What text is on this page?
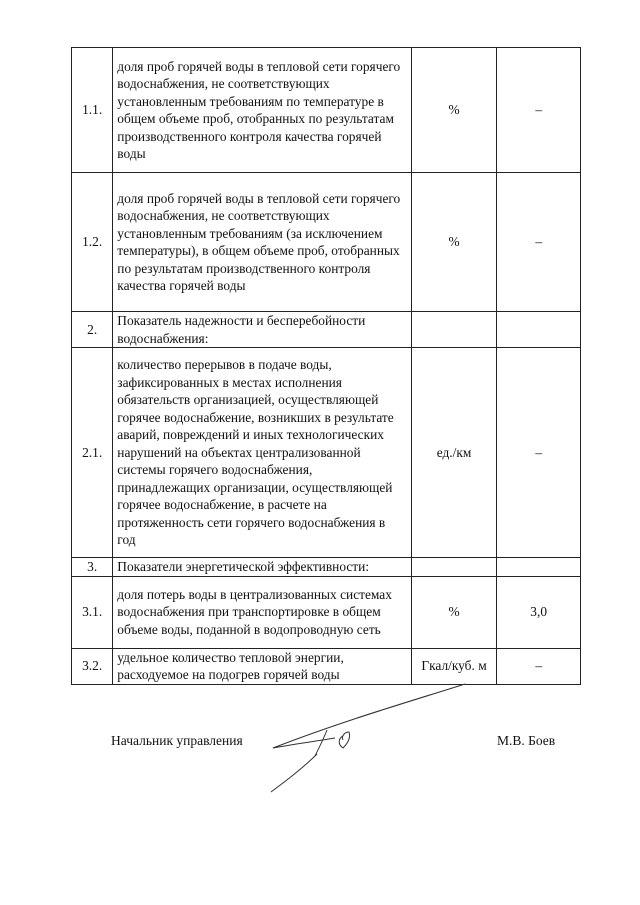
1.1.	доля проб горячей воды в тепловой сети горячего водоснабжения, не соответствующих установленным требованиям по температуре в общем объеме проб, отобранных по результатам производственного контроля качества горячей воды	%	–
1.2.	доля проб горячей воды в тепловой сети горячего водоснабжения, не соответствующих установленным требованиям (за исключением температуры), в общем объеме проб, отобранных по результатам производственного контроля качества горячей воды	%	–
2.	Показатель надежности и бесперебойности водоснабжения:		
2.1.	количество перерывов в подаче воды, зафиксированных в местах исполнения обязательств организацией, осуществляющей горячее водоснабжение, возникших в результате аварий, повреждений и иных технологических нарушений на объектах централизованной системы горячего водоснабжения, принадлежащих организации, осуществляющей горячее водоснабжение, в расчете на протяженность сети горячего водоснабжения в год	ед./км	–
3.	Показатели энергетической эффективности:		
3.1.	доля потерь воды в централизованных системах водоснабжения при транспортировке в общем объеме воды, поданной в водопроводную сеть	%	3,0
3.2.	удельное количество тепловой энергии, расходуемое на подогрев горячей воды	Гкал/куб. м	–
Начальник управления	М.В. Боев
